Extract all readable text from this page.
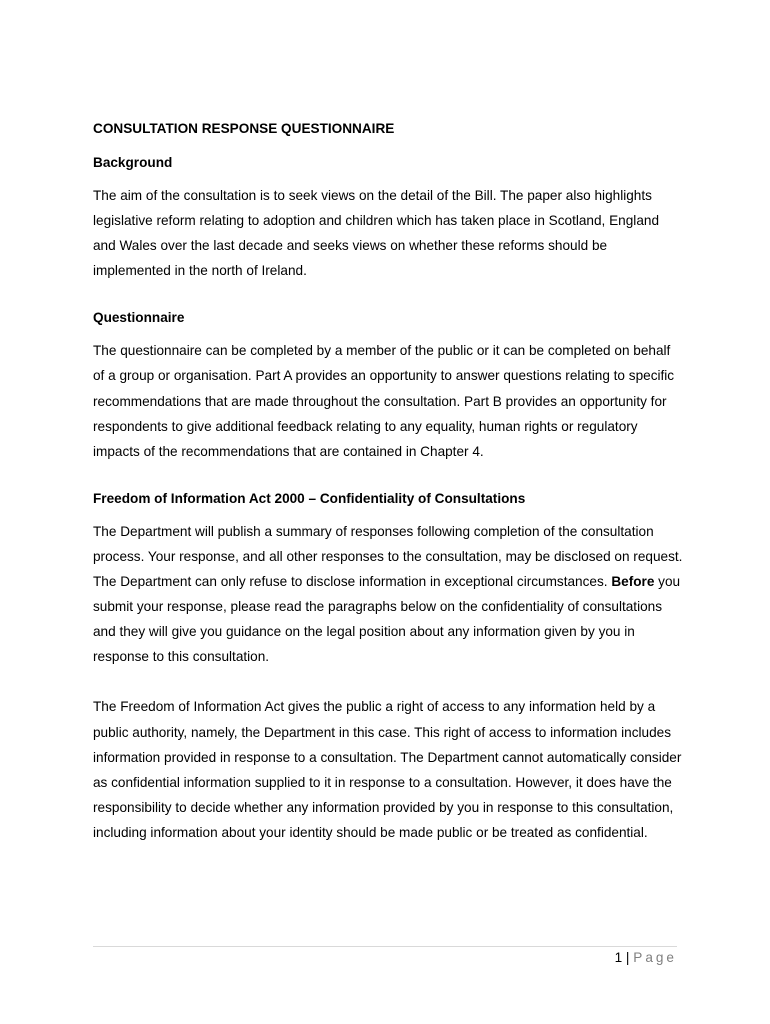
CONSULTATION RESPONSE QUESTIONNAIRE
Background

The aim of the consultation is to seek views on the detail of the Bill. The paper also highlights legislative reform relating to adoption and children which has taken place in Scotland, England and Wales over the last decade and seeks views on whether these reforms should be implemented in the north of Ireland.

Questionnaire

The questionnaire can be completed by a member of the public or it can be completed on behalf of a group or organisation. Part A provides an opportunity to answer questions relating to specific recommendations that are made throughout the consultation. Part B provides an opportunity for respondents to give additional feedback relating to any equality, human rights or regulatory impacts of the recommendations that are contained in Chapter 4.

Freedom of Information Act 2000 – Confidentiality of Consultations

The Department will publish a summary of responses following completion of the consultation process. Your response, and all other responses to the consultation, may be disclosed on request. The Department can only refuse to disclose information in exceptional circumstances. Before you submit your response, please read the paragraphs below on the confidentiality of consultations and they will give you guidance on the legal position about any information given by you in response to this consultation.

The Freedom of Information Act gives the public a right of access to any information held by a public authority, namely, the Department in this case. This right of access to information includes information provided in response to a consultation. The Department cannot automatically consider as confidential information supplied to it in response to a consultation. However, it does have the responsibility to decide whether any information provided by you in response to this consultation, including information about your identity should be made public or be treated as confidential.

1 | Page
